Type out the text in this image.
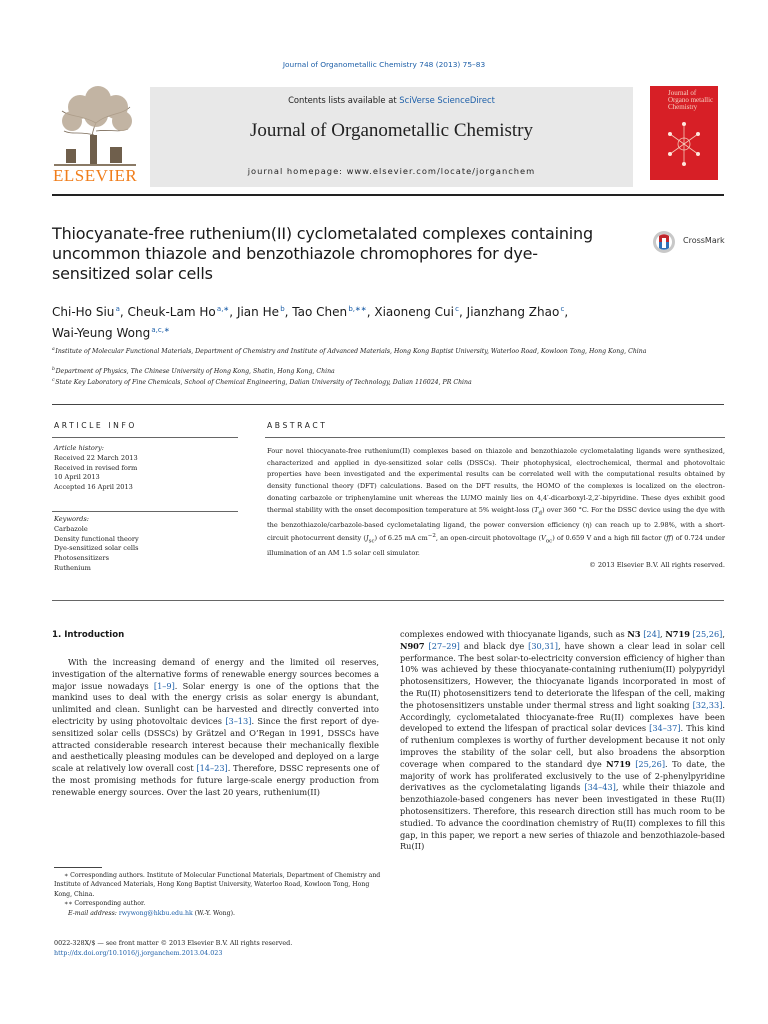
Journal of Organometallic Chemistry 748 (2013) 75–83
ELSEVIER
Contents lists available at SciVerse ScienceDirect
Journal of Organometallic Chemistry
journal homepage: www.elsevier.com/locate/jorganchem
Journal of Organo metallic Chemistry
Thiocyanate-free ruthenium(II) cyclometalated complexes containing uncommon thiazole and benzothiazole chromophores for dye-sensitized solar cells
CrossMark
Chi-Ho Siu $^a$, Cheuk-Lam Ho $^{a,∗}$, Jian He $^b$, Tao Chen $^{b,∗∗}$, Xiaoneng Cui $^c$, Jianzhang Zhao $^c$,
Wai-Yeung Wong $^{a,c,∗}$
$^a$ Institute of Molecular Functional Materials, Department of Chemistry and Institute of Advanced Materials, Hong Kong Baptist University, Waterloo Road, Kowloon Tong, Hong Kong, China
$^b$ Department of Physics, The Chinese University of Hong Kong, Shatin, Hong Kong, China
$^c$ State Key Laboratory of Fine Chemicals, School of Chemical Engineering, Dalian University of Technology, Dalian 116024, PR China
ARTICLE INFO
Article history:
Received 22 March 2013
Received in revised form
10 April 2013
Accepted 16 April 2013
Keywords:
Carbazole
Density functional theory
Dye-sensitized solar cells
Photosensitizers
Ruthenium
ABSTRACT
Four novel thiocyanate-free ruthenium(II) complexes based on thiazole and benzothiazole cyclometalating ligands were synthesized, characterized and applied in dye-sensitized solar cells (DSSCs). Their photophysical, electrochemical, thermal and photovoltaic properties have been investigated and the experimental results can be correlated well with the computational results obtained by density functional theory (DFT) calculations. Based on the DFT results, the HOMO of the complexes is localized on the electron-donating carbazole or triphenylamine unit whereas the LUMO mainly lies on 4,4′-dicarboxyl-2,2′-bipyridine. These dyes exhibit good thermal stability with the onset decomposition temperature at 5% weight-loss $(T_d)$ over 360 °C. For the DSSC device using the dye with the benzothiazole/carbazole-based cyclometalating ligand, the power conversion efficiency (η) can reach up to 2.98%, with a short-circuit photocurrent density $(J_{sc})$ of 6.25 mA $cm^{-2}$, an open-circuit photovoltage $(V_{oc})$ of 0.659 V and a high fill factor (ff) of 0.724 under illumination of an AM 1.5 solar cell simulator.
© 2013 Elsevier B.V. All rights reserved.
1. Introduction
With the increasing demand of energy and the limited oil reserves, investigation of the alternative forms of renewable energy sources becomes a major issue nowadays [1–9]. Solar energy is one of the options that the mankind uses to deal with the energy crisis as solar energy is abundant, unlimited and clean. Sunlight can be harvested and directly converted into electricity by using photovoltaic devices [3–13]. Since the first report of dye-sensitized solar cells (DSSCs) by Grätzel and O’Regan in 1991, DSSCs have attracted considerable research interest because their mechanically flexible and aesthetically pleasing modules can be developed and deployed on a large scale at relatively low overall cost [14–23]. Therefore, DSSC represents one of the most promising methods for future large-scale energy production from renewable energy sources. Over the last 20 years, ruthenium(II)
complexes endowed with thiocyanate ligands, such as N3 [24], N719 [25,26], N907 [27–29] and black dye [30,31], have shown a clear lead in solar cell performance. The best solar-to-electricity conversion efficiency of higher than 10% was achieved by these thiocyanate-containing ruthenium(II) polypyridyl photosensitizers, However, the thiocyanate ligands incorporated in most of the Ru(II) photosensitizers tend to deteriorate the lifespan of the cell, making the photosensitizers unstable under thermal stress and light soaking [32,33]. Accordingly, cyclometalated thiocyanate-free Ru(II) complexes have been developed to extend the lifespan of practical solar devices [34–37]. This kind of ruthenium complexes is worthy of further development because it not only improves the stability of the solar cell, but also broadens the absorption coverage when compared to the standard dye N719 [25,26]. To date, the majority of work has proliferated exclusively to the use of 2-phenylpyridine derivatives as the cyclometalating ligands [34–43], while their thiazole and benzothiazole-based congeners has never been investigated in these Ru(II) photosensitizers. Therefore, this research direction still has much room to be studied. To advance the coordination chemistry of Ru(II) complexes to fill this gap, in this paper, we report a new series of thiazole and benzothiazole-based Ru(II)
∗ Corresponding authors. Institute of Molecular Functional Materials, Department of Chemistry and Institute of Advanced Materials, Hong Kong Baptist University, Waterloo Road, Kowloon Tong, Hong Kong, China.
∗∗ Corresponding author.
E-mail address: rwywong@hkbu.edu.hk (W.-Y. Wong).
0022-328X/$ — see front matter © 2013 Elsevier B.V. All rights reserved.
http://dx.doi.org/10.1016/j.jorganchem.2013.04.023
